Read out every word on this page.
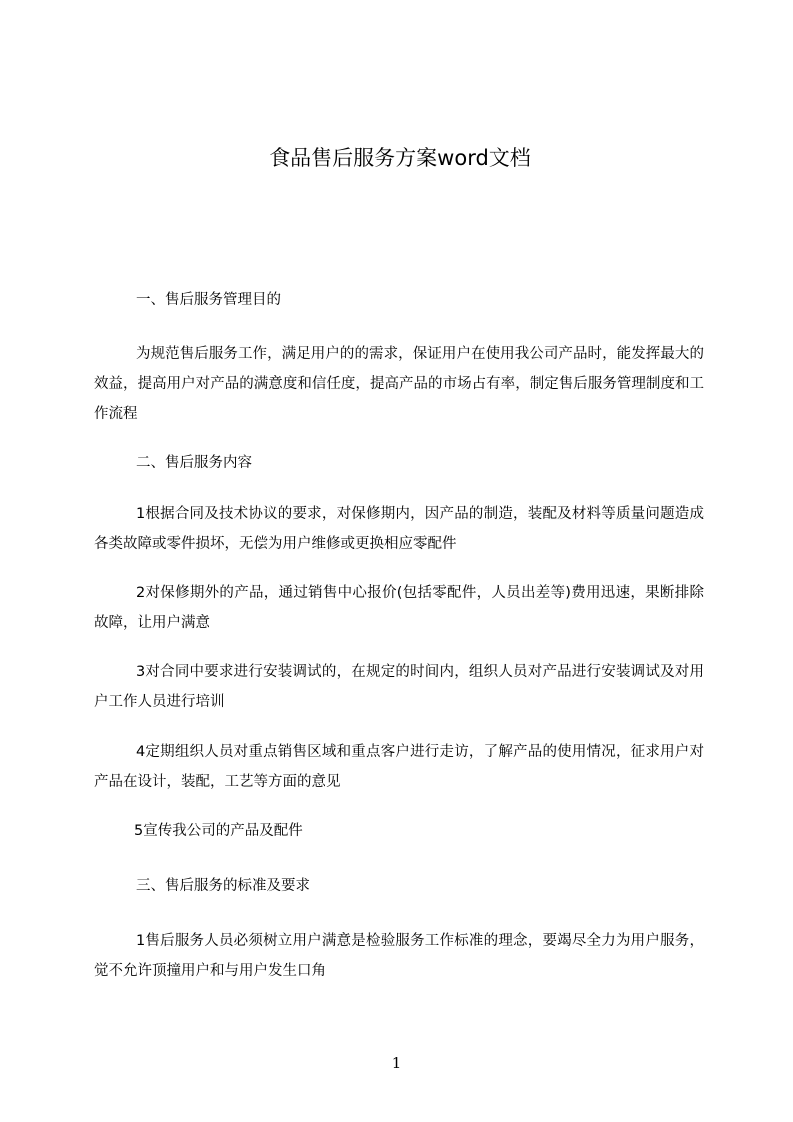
食品售后服务方案word文档
一、售后服务管理目的
为规范售后服务工作，满足用户的的需求，保证用户在使用我公司产品时，能发挥最大的效益，提高用户对产品的满意度和信任度，提高产品的市场占有率，制定售后服务管理制度和工作流程
二、售后服务内容
1根据合同及技术协议的要求，对保修期内，因产品的制造，装配及材料等质量问题造成各类故障或零件损坏，无偿为用户维修或更换相应零配件
2对保修期外的产品，通过销售中心报价(包括零配件，人员出差等)费用迅速，果断排除故障，让用户满意
3对合同中要求进行安装调试的，在规定的时间内，组织人员对产品进行安装调试及对用户工作人员进行培训
4定期组织人员对重点销售区域和重点客户进行走访，了解产品的使用情况，征求用户对产品在设计，装配，工艺等方面的意见
5宣传我公司的产品及配件
三、售后服务的标准及要求
1售后服务人员必须树立用户满意是检验服务工作标准的理念，要竭尽全力为用户服务，觉不允许顶撞用户和与用户发生口角
1
